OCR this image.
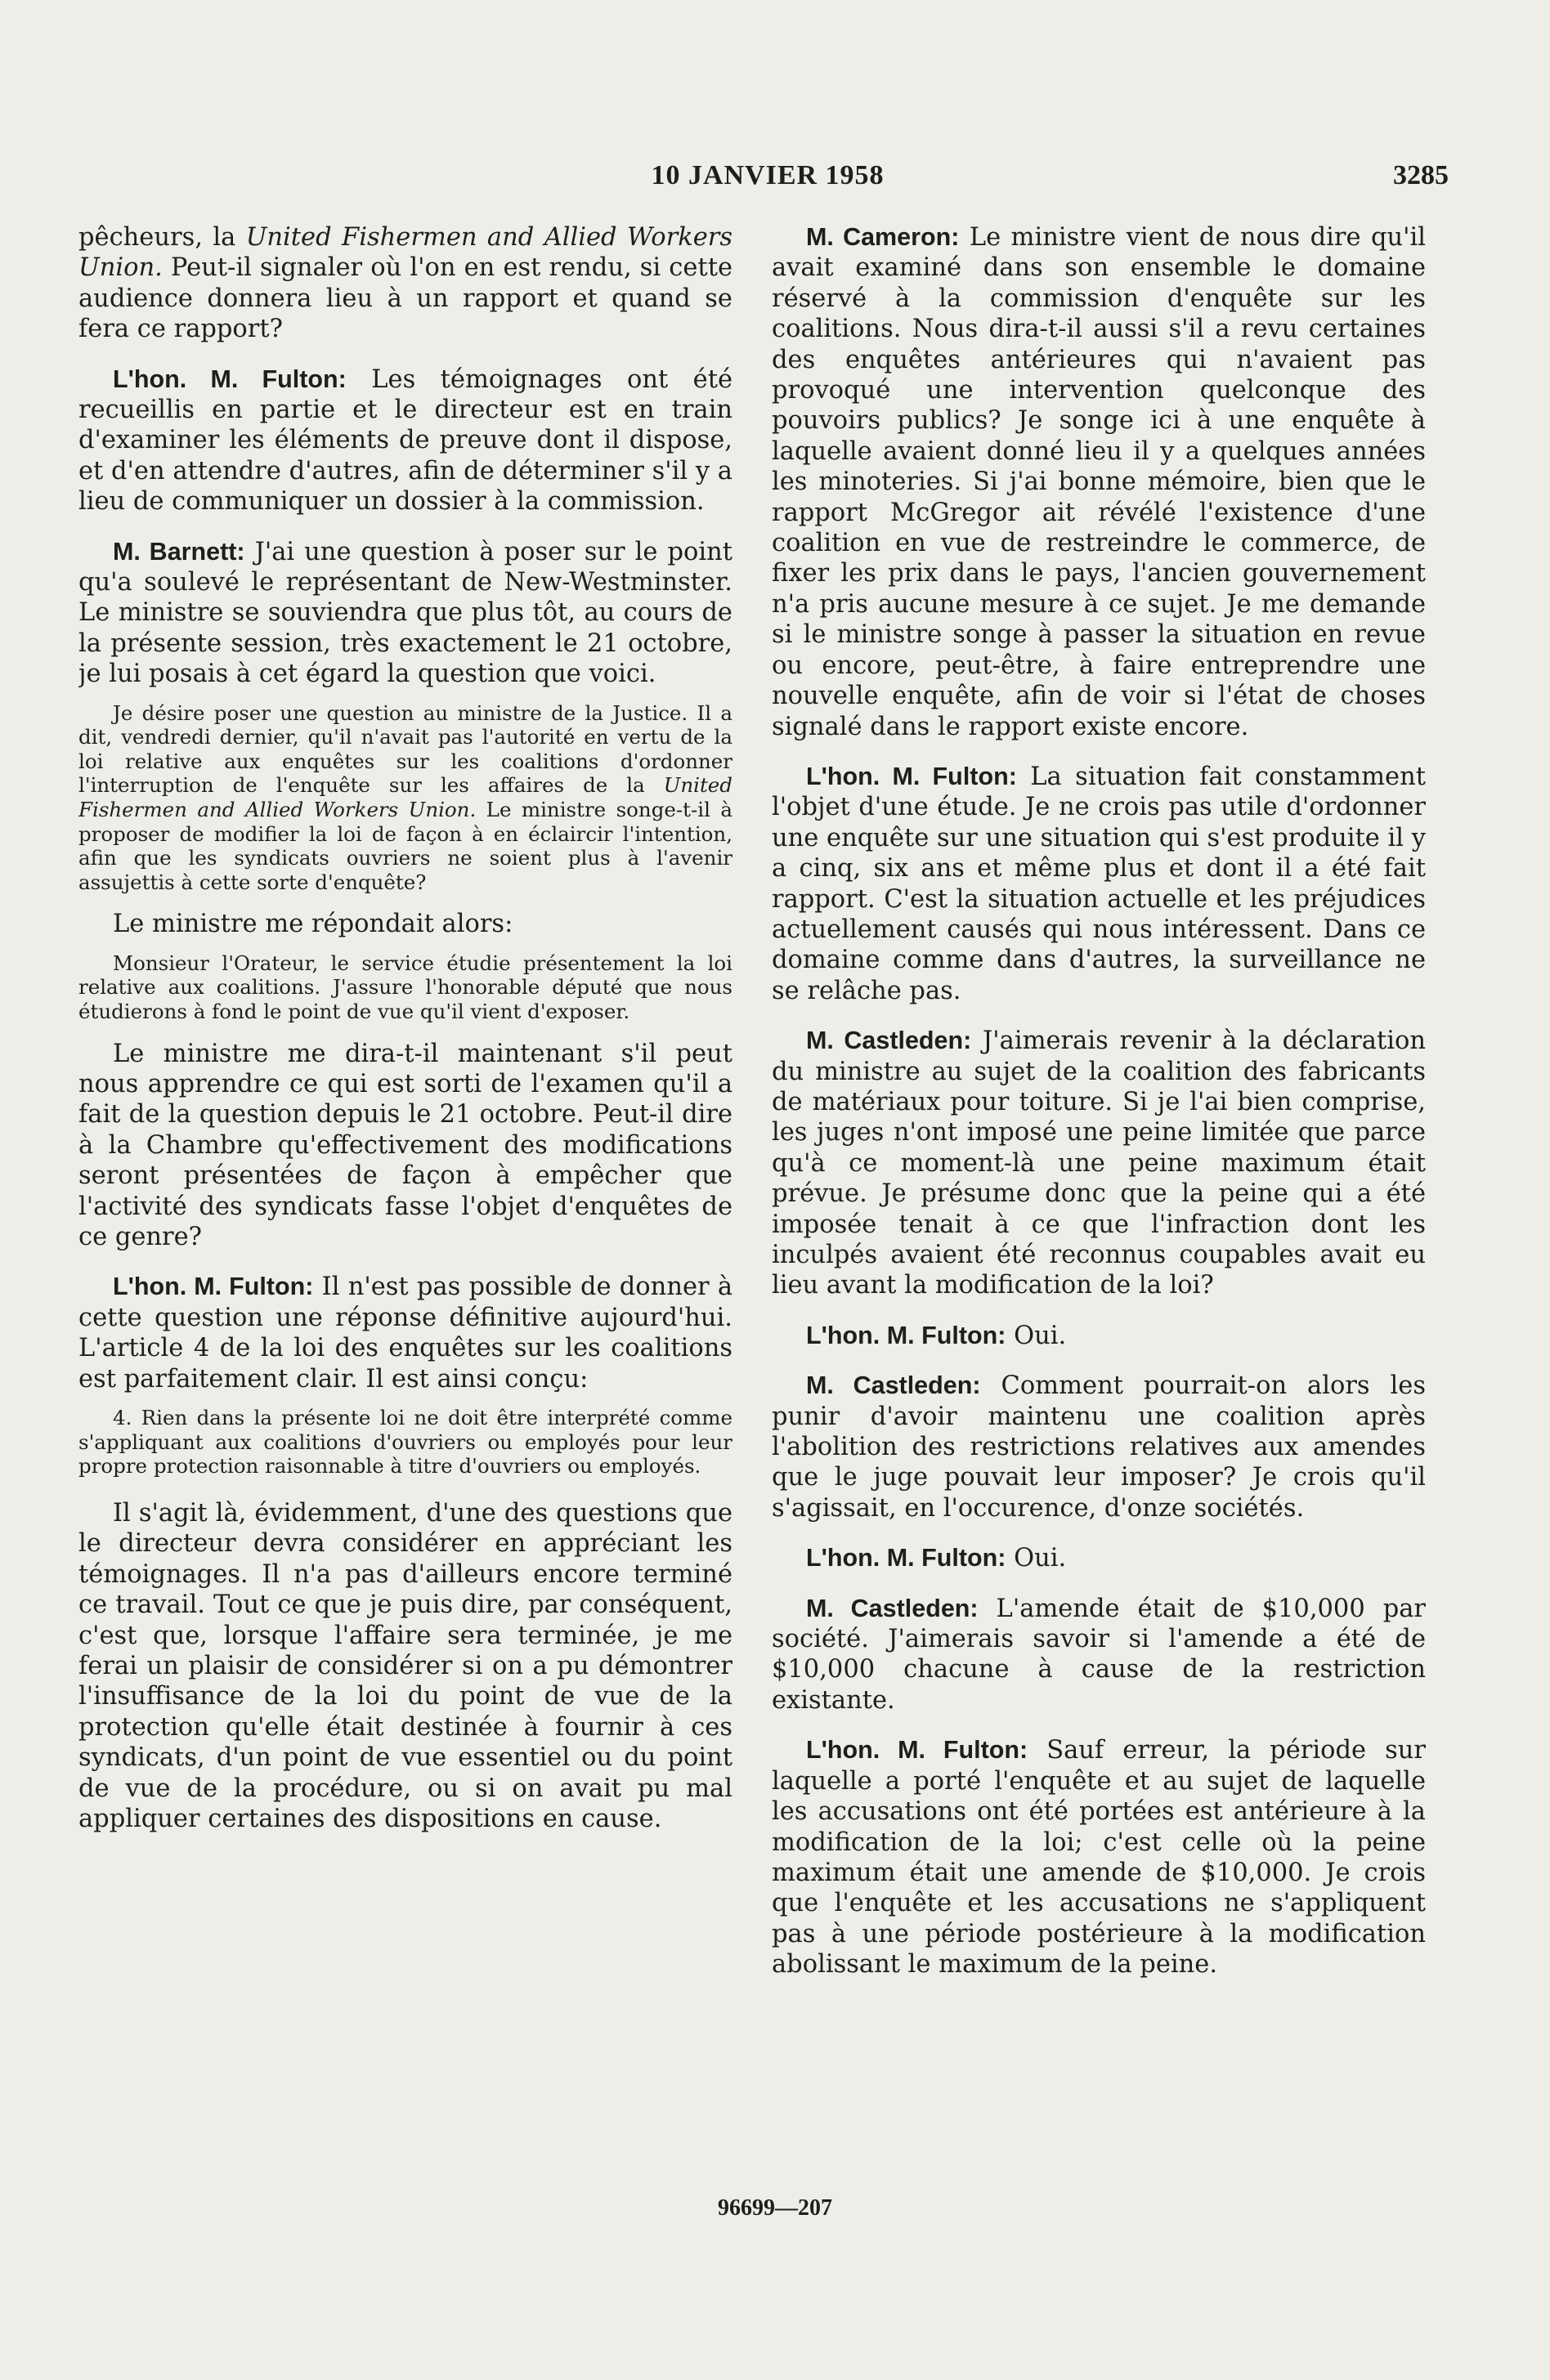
10 JANVIER 1958	3285

pêcheurs, la United Fishermen and Allied Workers Union. Peut-il signaler où l'on en est rendu, si cette audience donnera lieu à un rapport et quand se fera ce rapport?

L'hon. M. Fulton: Les témoignages ont été recueillis en partie et le directeur est en train d'examiner les éléments de preuve dont il dispose, et d'en attendre d'autres, afin de déterminer s'il y a lieu de communiquer un dossier à la commission.

M. Barnett: J'ai une question à poser sur le point qu'a soulevé le représentant de New-Westminster. Le ministre se souviendra que plus tôt, au cours de la présente session, très exactement le 21 octobre, je lui posais à cet égard la question que voici.

Je désire poser une question au ministre de la Justice. Il a dit, vendredi dernier, qu'il n'avait pas l'autorité en vertu de la loi relative aux enquêtes sur les coalitions d'ordonner l'interruption de l'enquête sur les affaires de la United Fishermen and Allied Workers Union. Le ministre songe-t-il à proposer de modifier la loi de façon à en éclaircir l'intention, afin que les syndicats ouvriers ne soient plus à l'avenir assujettis à cette sorte d'enquête?

Le ministre me répondait alors:

Monsieur l'Orateur, le service étudie présentement la loi relative aux coalitions. J'assure l'honorable député que nous étudierons à fond le point de vue qu'il vient d'exposer.

Le ministre me dira-t-il maintenant s'il peut nous apprendre ce qui est sorti de l'examen qu'il a fait de la question depuis le 21 octobre. Peut-il dire à la Chambre qu'effectivement des modifications seront présentées de façon à empêcher que l'activité des syndicats fasse l'objet d'enquêtes de ce genre?

L'hon. M. Fulton: Il n'est pas possible de donner à cette question une réponse définitive aujourd'hui. L'article 4 de la loi des enquêtes sur les coalitions est parfaitement clair. Il est ainsi conçu:

4. Rien dans la présente loi ne doit être interprété comme s'appliquant aux coalitions d'ouvriers ou employés pour leur propre protection raisonnable à titre d'ouvriers ou employés.

Il s'agit là, évidemment, d'une des questions que le directeur devra considérer en appréciant les témoignages. Il n'a pas d'ailleurs encore terminé ce travail. Tout ce que je puis dire, par conséquent, c'est que, lorsque l'affaire sera terminée, je me ferai un plaisir de considérer si on a pu démontrer l'insuffisance de la loi du point de vue de la protection qu'elle était destinée à fournir à ces syndicats, d'un point de vue essentiel ou du point de vue de la procédure, ou si on avait pu mal appliquer certaines des dispositions en cause.

M. Cameron: Le ministre vient de nous dire qu'il avait examiné dans son ensemble le domaine réservé à la commission d'enquête sur les coalitions. Nous dira-t-il aussi s'il a revu certaines des enquêtes antérieures qui n'avaient pas provoqué une intervention quelconque des pouvoirs publics? Je songe ici à une enquête à laquelle avaient donné lieu il y a quelques années les minoteries. Si j'ai bonne mémoire, bien que le rapport McGregor ait révélé l'existence d'une coalition en vue de restreindre le commerce, de fixer les prix dans le pays, l'ancien gouvernement n'a pris aucune mesure à ce sujet. Je me demande si le ministre songe à passer la situation en revue ou encore, peut-être, à faire entreprendre une nouvelle enquête, afin de voir si l'état de choses signalé dans le rapport existe encore.

L'hon. M. Fulton: La situation fait constamment l'objet d'une étude. Je ne crois pas utile d'ordonner une enquête sur une situation qui s'est produite il y a cinq, six ans et même plus et dont il a été fait rapport. C'est la situation actuelle et les préjudices actuellement causés qui nous intéressent. Dans ce domaine comme dans d'autres, la surveillance ne se relâche pas.

M. Castleden: J'aimerais revenir à la déclaration du ministre au sujet de la coalition des fabricants de matériaux pour toiture. Si je l'ai bien comprise, les juges n'ont imposé une peine limitée que parce qu'à ce moment-là une peine maximum était prévue. Je présume donc que la peine qui a été imposée tenait à ce que l'infraction dont les inculpés avaient été reconnus coupables avait eu lieu avant la modification de la loi?

L'hon. M. Fulton: Oui.

M. Castleden: Comment pourrait-on alors les punir d'avoir maintenu une coalition après l'abolition des restrictions relatives aux amendes que le juge pouvait leur imposer? Je crois qu'il s'agissait, en l'occurence, d'onze sociétés.

L'hon. M. Fulton: Oui.

M. Castleden: L'amende était de $10,000 par société. J'aimerais savoir si l'amende a été de $10,000 chacune à cause de la restriction existante.

L'hon. M. Fulton: Sauf erreur, la période sur laquelle a porté l'enquête et au sujet de laquelle les accusations ont été portées est antérieure à la modification de la loi; c'est celle où la peine maximum était une amende de $10,000. Je crois que l'enquête et les accusations ne s'appliquent pas à une période postérieure à la modification abolissant le maximum de la peine.

96699—207
